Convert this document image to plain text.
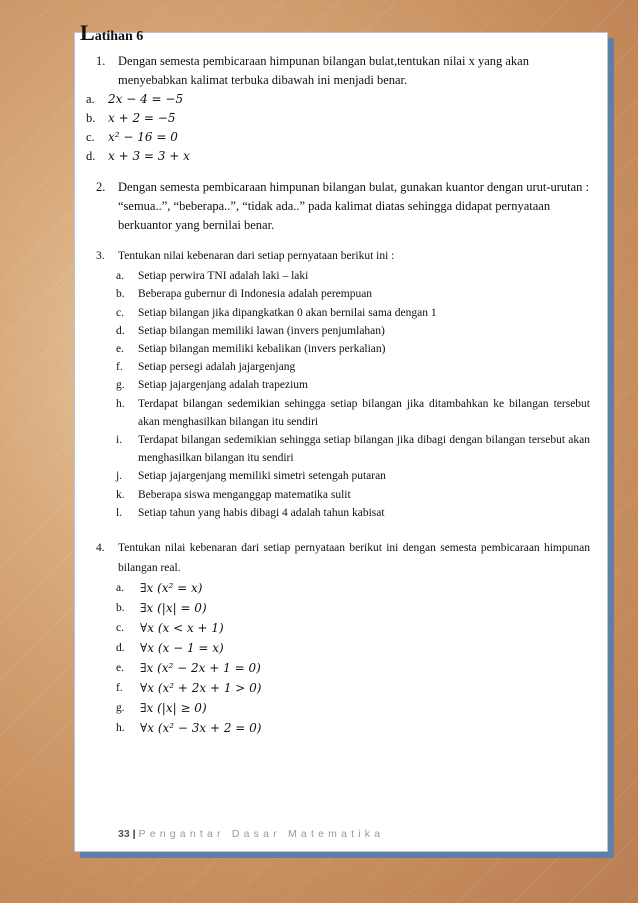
Latihan 6
1. Dengan semesta pembicaraan himpunan bilangan bulat,tentukan nilai x yang akan menyebabkan kalimat terbuka dibawah ini menjadi benar.
a. 2x − 4 = −5
b. x + 2 = −5
c. x² − 16 = 0
d. x + 3 = 3 + x
2. Dengan semesta pembicaraan himpunan bilangan bulat, gunakan kuantor dengan urut-urutan : “semua..”, “beberapa..”, “tidak ada..” pada kalimat diatas sehingga didapat pernyataan berkuantor yang bernilai benar.
3. Tentukan nilai kebenaran dari setiap pernyataan berikut ini :
a. Setiap perwira TNI adalah laki – laki
b. Beberapa gubernur di Indonesia adalah perempuan
c. Setiap bilangan jika dipangkatkan 0 akan bernilai sama dengan 1
d. Setiap bilangan memiliki lawan (invers penjumlahan)
e. Setiap bilangan memiliki kebalikan (invers perkalian)
f. Setiap persegi adalah jajargenjang
g. Setiap jajargenjang adalah trapezium
h. Terdapat bilangan sedemikian sehingga setiap bilangan jika ditambahkan ke bilangan tersebut akan menghasilkan bilangan itu sendiri
i. Terdapat bilangan sedemikian sehingga setiap bilangan jika dibagi dengan bilangan tersebut akan menghasilkan bilangan itu sendiri
j. Setiap jajargenjang memiliki simetri setengah putaran
k. Beberapa siswa menganggap matematika sulit
l. Setiap tahun yang habis dibagi 4 adalah tahun kabisat
4. Tentukan nilai kebenaran dari setiap pernyataan berikut ini dengan semesta pembicaraan himpunan bilangan real.
a. ∃x (x² = x)
b. ∃x (|x| = 0)
c. ∀x (x < x + 1)
d. ∀x (x − 1 = x)
e. ∃x (x² − 2x + 1 = 0)
f. ∀x (x² + 2x + 1 > 0)
g. ∃x (|x| ≥ 0)
h. ∀x (x² − 3x + 2 = 0)
33 | Pengantar Dasar Matematika
